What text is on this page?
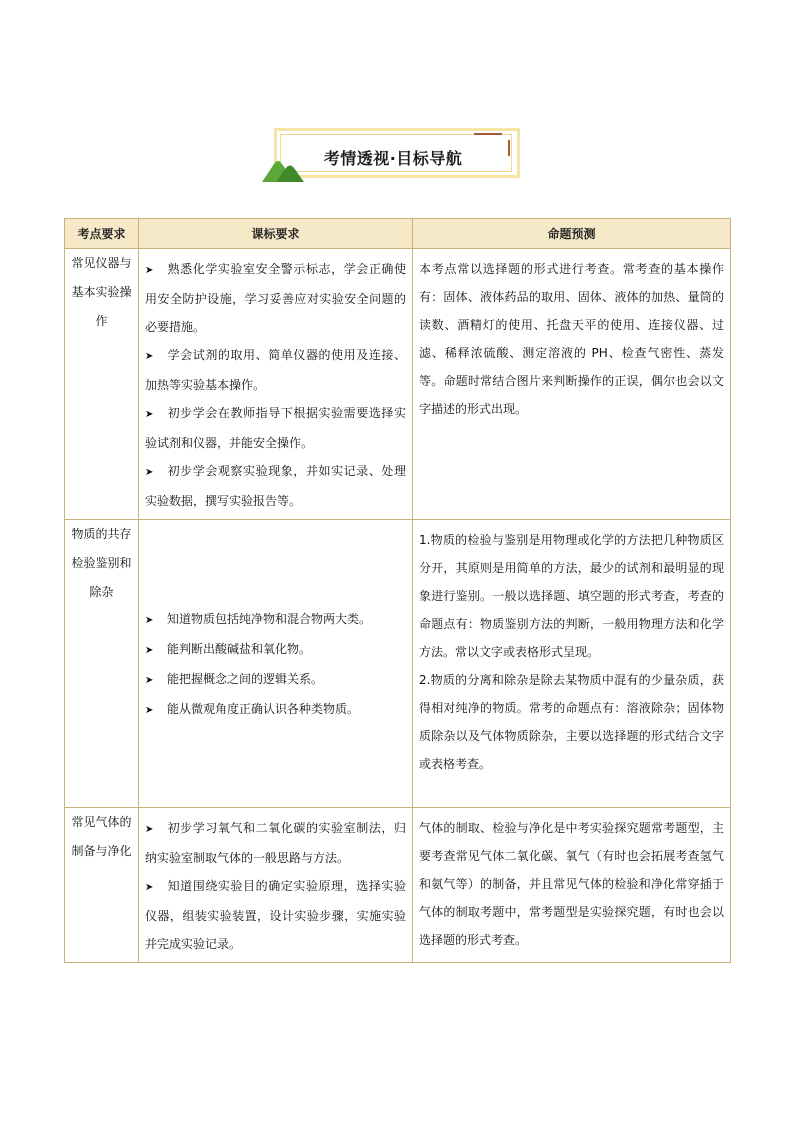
考情透视·目标导航
考点要求	课标要求	命题预测
常见仪器与基本实验操作	➤ 熟悉化学实验室安全警示标志，学会正确使用安全防护设施，学习妥善应对实验安全问题的必要措施。
➤ 学会试剂的取用、简单仪器的使用及连接、加热等实验基本操作。
➤ 初步学会在教师指导下根据实验需要选择实验试剂和仪器，并能安全操作。
➤ 初步学会观察实验现象，并如实记录、处理实验数据，撰写实验报告等。	本考点常以选择题的形式进行考查。常考查的基本操作有：固体、液体药品的取用、固体、液体的加热、量筒的读数、酒精灯的使用、托盘天平的使用、连接仪器、过滤、稀释浓硫酸、测定溶液的 PH、检查气密性、蒸发等。命题时常结合图片来判断操作的正误，偶尔也会以文字描述的形式出现。

物质的共存 检验鉴别和除杂	➤ 知道物质包括纯净物和混合物两大类。
➤ 能判断出酸碱盐和氧化物。
➤ 能把握概念之间的逻辑关系。
➤ 能从微观角度正确认识各种类物质。	1.物质的检验与鉴别是用物理或化学的方法把几种物质区分开，其原则是用简单的方法，最少的试剂和最明显的现象进行鉴别。一般以选择题、填空题的形式考查，考查的命题点有：物质鉴别方法的判断，一般用物理方法和化学方法。常以文字或表格形式呈现。
2.物质的分离和除杂是除去某物质中混有的少量杂质，获得相对纯净的物质。常考的命题点有：溶液除杂；固体物质除杂以及气体物质除杂，主要以选择题的形式结合文字或表格考查。

常见气体的制备与净化	➤ 初步学习氧气和二氧化碳的实验室制法，归纳实验室制取气体的一般思路与方法。
➤ 知道围绕实验目的确定实验原理，选择实验仪器，组装实验装置，设计实验步骤，实施实验并完成实验记录。	气体的制取、检验与净化是中考实验探究题常考题型，主要考查常见气体二氧化碳、氧气（有时也会拓展考查氢气和氨气等）的制备，并且常见气体的检验和净化常穿插于气体的制取考题中，常考题型是实验探究题，有时也会以选择题的形式考查。
